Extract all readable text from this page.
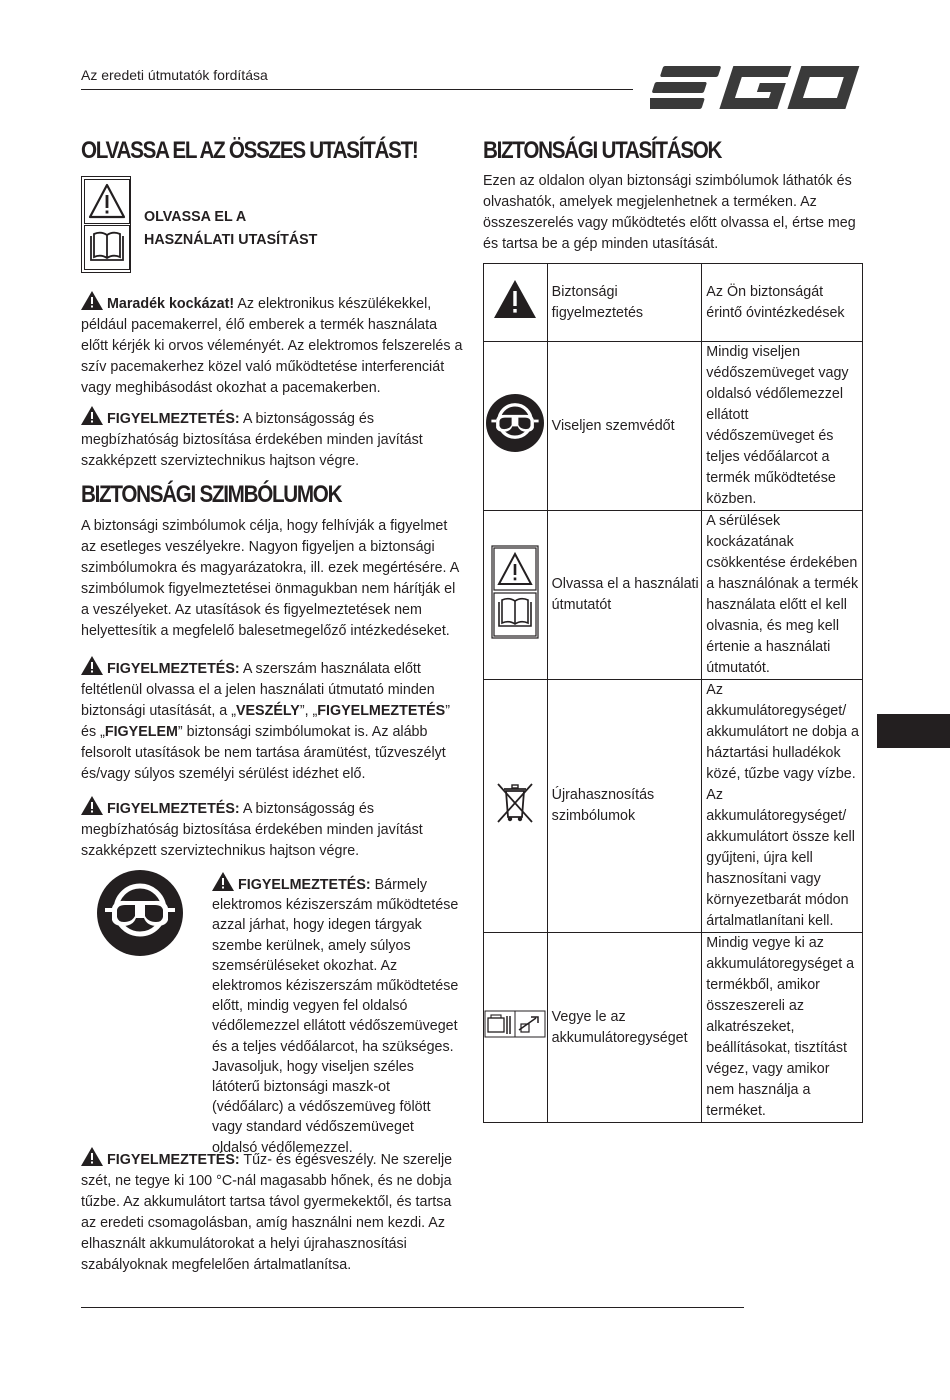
Az eredeti útmutatók fordítása
OLVASSA EL AZ ÖSSZES UTASÍTÁST!
OLVASSA EL A
HASZNÁLATI UTASÍTÁST

Maradék kockázat! Az elektronikus készülékekkel, például pacemakerrel, élő emberek a termék használata előtt kérjék ki orvos véleményét. Az elektromos felszerelés a szív pacemakerhez közel való működtetése interferenciát vagy meghibásodást okozhat a pacemakerben.

FIGYELMEZTETÉS: A biztonságosság és megbízhatóság biztosítása érdekében minden javítást szakképzett szerviztechnikus hajtson végre.

BIZTONSÁGI SZIMBÓLUMOK

A biztonsági szimbólumok célja, hogy felhívják a figyelmet az esetleges veszélyekre. Nagyon figyeljen a biztonsági szimbólumokra és magyarázatokra, ill. ezek megértésére. A szimbólumok figyelmeztetései önmagukban nem hárítják el a veszélyeket. Az utasítások és figyelmeztetések nem helyettesítik a megfelelő balesetmegelőző intézkedéseket.

FIGYELMEZTETÉS: A szerszám használata előtt feltétlenül olvassa el a jelen használati útmutató minden biztonsági utasítását, a „VESZÉLY”, „FIGYELMEZTETÉS” és „FIGYELEM” biztonsági szimbólumokat is. Az alább felsorolt utasítások be nem tartása áramütést, tűzveszélyt és/vagy súlyos személyi sérülést idézhet elő.

FIGYELMEZTETÉS: A biztonságosság és megbízhatóság biztosítása érdekében minden javítást szakképzett szerviztechnikus hajtson végre.

FIGYELMEZTETÉS: Bármely elektromos kéziszerszám működtetése azzal járhat, hogy idegen tárgyak szembe kerülnek, amely súlyos szemsérüléseket okozhat. Az elektromos kéziszerszám működtetése előtt, mindig vegyen fel oldalsó védőlemezzel ellátott védőszemüveget és a teljes védőálarcot, ha szükséges. Javasoljuk, hogy viseljen széles látóterű biztonsági maszk-ot (védőálarc) a védőszemüveg fölött vagy standard védőszemüveget oldalsó védőlemezzel.

FIGYELMEZTETÉS: Tűz- és égésveszély. Ne szerelje szét, ne tegye ki 100 °C-nál magasabb hőnek, és ne dobja tűzbe. Az akkumulátort tartsa távol gyermekektől, és tartsa az eredeti csomagolásban, amíg használni nem kezdi. Az elhasznált akkumulátorokat a helyi újrahasznosítási szabályoknak megfelelően ártalmatlanítsa.

BIZTONSÁGI UTASÍTÁSOK

Ezen az oldalon olyan biztonsági szimbólumok láthatók és olvashatók, amelyek megjelenhetnek a terméken. Az összeszerelés vagy működtetés előtt olvassa el, értse meg és tartsa be a gép minden utasítását.

	Biztonsági figyelmeztetés	Az Ön biztonságát érintő óvintézkedések
	Viseljen szemvédőt	Mindig viseljen védőszemüveget vagy oldalsó védőlemezzel ellátott védőszemüveget és teljes védőálarcot a termék működtetése közben.
	Olvassa el a használati útmutatót	A sérülések kockázatának csökkentése érdekében a használónak a termék használata előtt el kell olvasnia, és meg kell értenie a használati útmutatót.
	Újrahasznosítás szimbólumok	Az akkumulátoregységet/ akkumulátort ne dobja a háztartási hulladékok közé, tűzbe vagy vízbe. Az akkumulátoregységet/ akkumulátort össze kell gyűjteni, újra kell hasznosítani vagy környezetbarát módon ártalmatlanítani kell.
	Vegye le az akkumulátoregységet	Mindig vegye ki az akkumulátoregységet a termékből, amikor összeszereli az alkatrészeket, beállításokat, tisztítást végez, vagy amikor nem használja a terméket.
